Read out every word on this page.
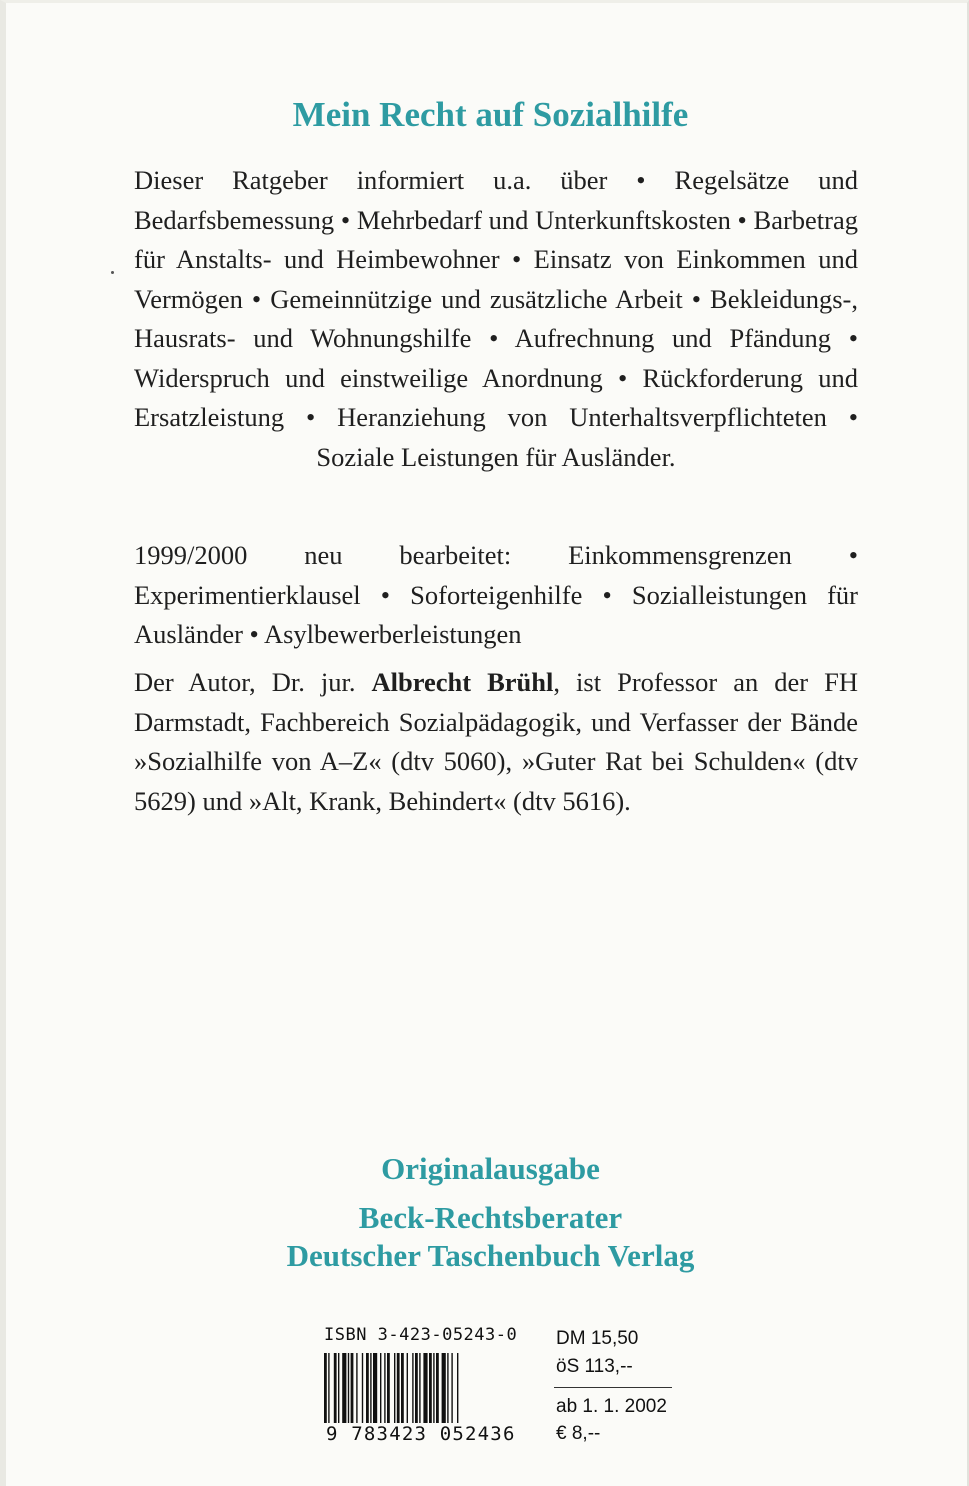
Mein Recht auf Sozialhilfe

Dieser Ratgeber informiert u.a. über • Regelsätze und Bedarfsbemessung • Mehrbedarf und Unterkunftskosten • Barbetrag für Anstalts- und Heimbewohner • Einsatz von Einkommen und Vermögen • Gemeinnützige und zusätzliche Arbeit • Bekleidungs-, Hausrats- und Wohnungshilfe • Aufrechnung und Pfändung • Widerspruch und einstweilige Anordnung • Rückforderung und Ersatzleistung • Heranziehung von Unterhaltsverpflichteten • Soziale Leistungen für Ausländer.

1999/2000 neu bearbeitet: Einkommensgrenzen • Experimentierklausel • Soforteigenhilfe • Sozialleistungen für Ausländer • Asylbewerberleistungen

Der Autor, Dr. jur. Albrecht Brühl, ist Professor an der FH Darmstadt, Fachbereich Sozialpädagogik, und Verfasser der Bände »Sozialhilfe von A–Z« (dtv 5060), »Guter Rat bei Schulden« (dtv 5629) und »Alt, Krank, Behindert« (dtv 5616).

Originalausgabe
Beck-Rechtsberater
Deutscher Taschenbuch Verlag
ISBN 3-423-05243-0
9 783423 052436
DM 15,50
öS 113,--
ab 1. 1. 2002
€ 8,--
